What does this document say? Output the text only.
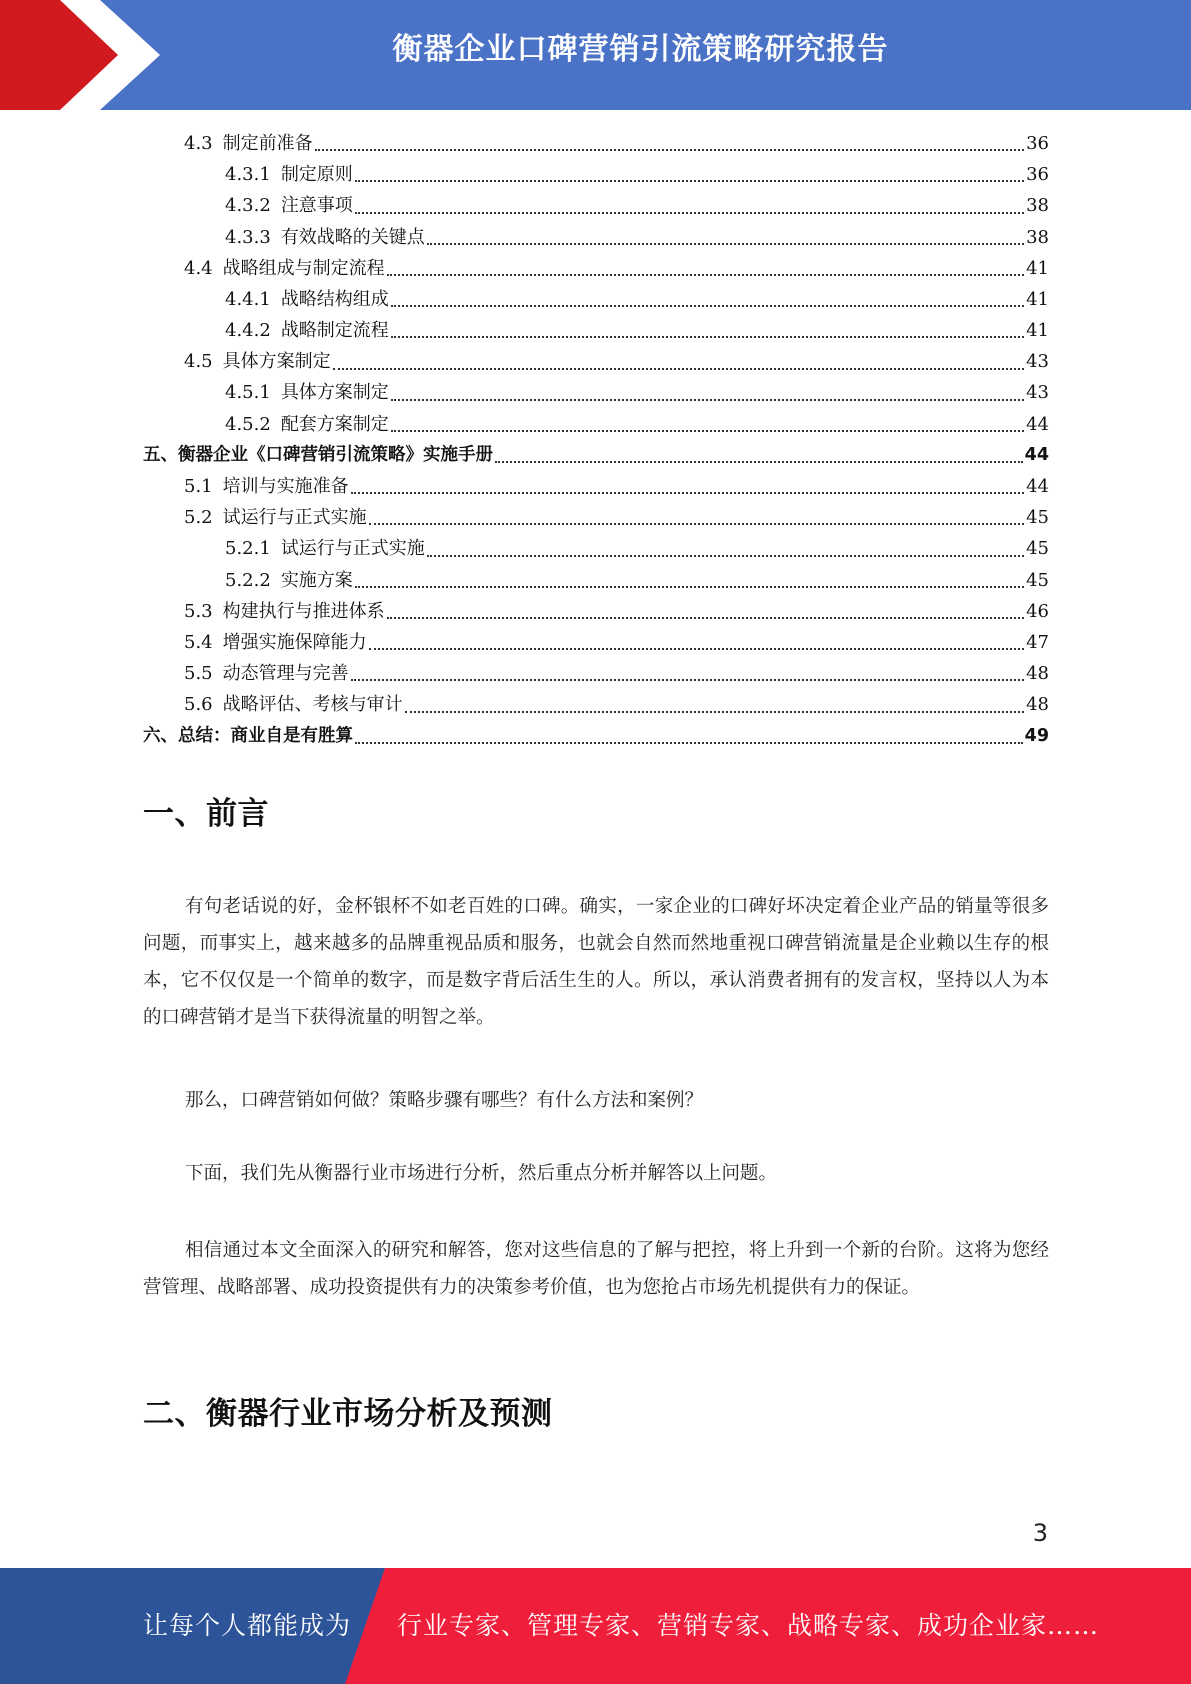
衡器企业口碑营销引流策略研究报告
4.3 制定前准备	36
4.3.1 制定原则	36
4.3.2 注意事项	38
4.3.3 有效战略的关键点	38
4.4 战略组成与制定流程	41
4.4.1 战略结构组成	41
4.4.2 战略制定流程	41
4.5 具体方案制定	43
4.5.1 具体方案制定	43
4.5.2 配套方案制定	44
五、衡器企业《口碑营销引流策略》实施手册	44
5.1 培训与实施准备	44
5.2 试运行与正式实施	45
5.2.1 试运行与正式实施	45
5.2.2 实施方案	45
5.3 构建执行与推进体系	46
5.4 增强实施保障能力	47
5.5 动态管理与完善	48
5.6 战略评估、考核与审计	48
六、总结：商业自是有胜算	49
一、前言

有句老话说的好，金杯银杯不如老百姓的口碑。确实，一家企业的口碑好坏决定着企业产品的销量等很多问题，而事实上，越来越多的品牌重视品质和服务，也就会自然而然地重视口碑营销流量是企业赖以生存的根本，它不仅仅是一个简单的数字，而是数字背后活生生的人。所以，承认消费者拥有的发言权，坚持以人为本的口碑营销才是当下获得流量的明智之举。

那么，口碑营销如何做？策略步骤有哪些？有什么方法和案例？

下面，我们先从衡器行业市场进行分析，然后重点分析并解答以上问题。

相信通过本文全面深入的研究和解答，您对这些信息的了解与把控，将上升到一个新的台阶。这将为您经营管理、战略部署、成功投资提供有力的决策参考价值，也为您抢占市场先机提供有力的保证。

二、衡器行业市场分析及预测
3
让每个人都能成为 行业专家、管理专家、营销专家、战略专家、成功企业家……
